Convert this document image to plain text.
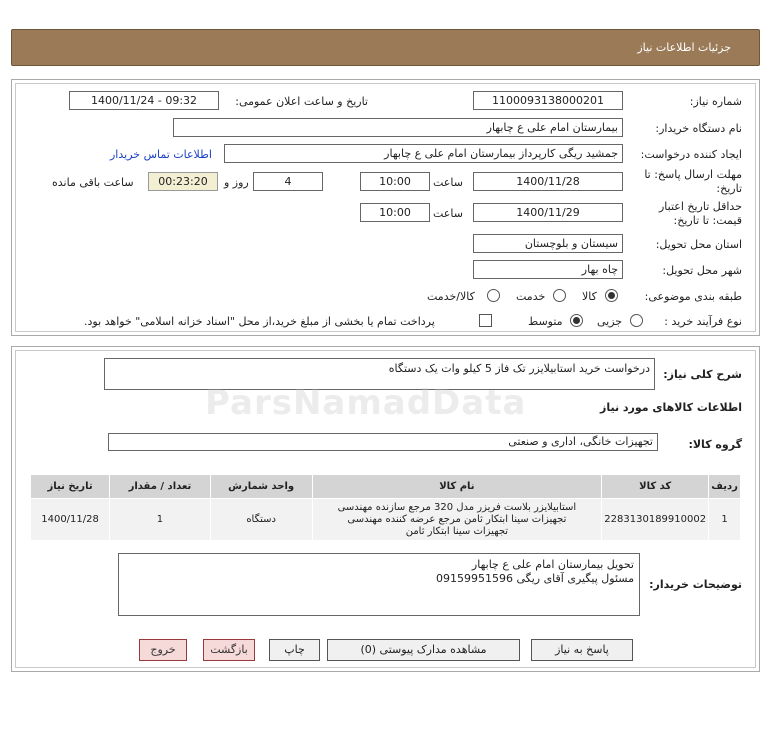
جزئیات اطلاعات نیاز
شماره نیاز:
1100093138000201
تاریخ و ساعت اعلان عمومی:
1400/11/24 - 09:32
نام دستگاه خریدار:
بیمارستان امام علی ع چابهار
ایجاد کننده درخواست:
جمشید ریگی کارپرداز بیمارستان امام علی ع چابهار
اطلاعات تماس خریدار
مهلت ارسال پاسخ: تا
تاریخ:
1400/11/28
ساعت
10:00
4
روز و
00:23:20
ساعت باقی مانده
حداقل تاریخ اعتبار
قیمت: تا تاریخ:
1400/11/29
ساعت
10:00
استان محل تحویل:
سیستان و بلوچستان
شهر محل تحویل:
چاه بهار
طبقه بندی موضوعی:
کالا
خدمت
کالا/خدمت
نوع فرآیند خرید :
جزیی
متوسط
پرداخت تمام یا بخشی از مبلغ خرید،از محل "اسناد خزانه اسلامی" خواهد بود.
شرح کلی نیاز:
درخواست خرید استابیلایزر تک فاز 5 کیلو وات یک دستگاه
اطلاعات کالاهای مورد نیاز
گروه کالا:
تجهیزات خانگی، اداری و صنعتی
تاریخ نیاز	تعداد / مقدار	واحد شمارش	نام کالا	کد کالا	ردیف
1400/11/28	1	دستگاه	استابیلایزر بلاست فریزر مدل 320 مرجع سازنده مهندسی
تجهیزات سینا ابتکار ثامن مرجع عرضه کننده مهندسی
تجهیزات سینا ابتکار ثامن	2283130189910002	1
توضیحات خریدار:
تحویل بیمارستان امام علی ع چابهار
مسئول پیگیری آقای ریگی 09159951596
ParsNamadData
پاسخ به نیاز
مشاهده مدارک پیوستی (0)
چاپ
بازگشت
خروج
